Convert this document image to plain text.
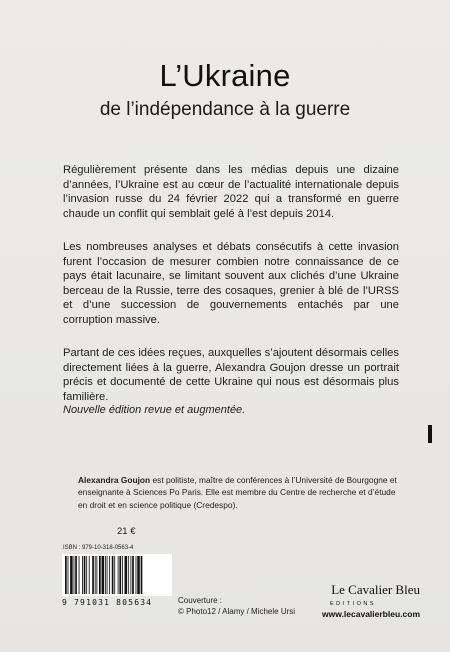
L’Ukraine
de l’indépendance à la guerre
Régulièrement présente dans les médias depuis une dizaine d’années, l’Ukraine est au cœur de l’actualité internationale depuis l’invasion russe du 24 février 2022 qui a transformé en guerre chaude un conflit qui semblait gelé à l’est depuis 2014.
Les nombreuses analyses et débats consécutifs à cette invasion furent l’occasion de mesurer combien notre connaissance de ce pays était lacunaire, se limitant souvent aux clichés d’une Ukraine berceau de la Russie, terre des cosaques, grenier à blé de l’URSS et d’une succession de gouvernements entachés par une corruption massive.
Partant de ces idées reçues, auxquelles s’ajoutent désormais celles directement liées à la guerre, Alexandra Goujon dresse un portrait précis et documenté de cette Ukraine qui nous est désormais plus familière.
Nouvelle édition revue et augmentée.
Alexandra Goujon est politiste, maître de conférences à l’Université de Bourgogne et enseignante à Sciences Po Paris. Elle est membre du Centre de recherche et d’étude en droit et en science politique (Credespo).
21 €
ISBN : 979-10-318-0563-4
9 791031 805634	Couverture :
© Photo12 / Alamy / Michele Ursi
Le Cavalier Bleu
EDITIONS
www.lecavalierbleu.com
